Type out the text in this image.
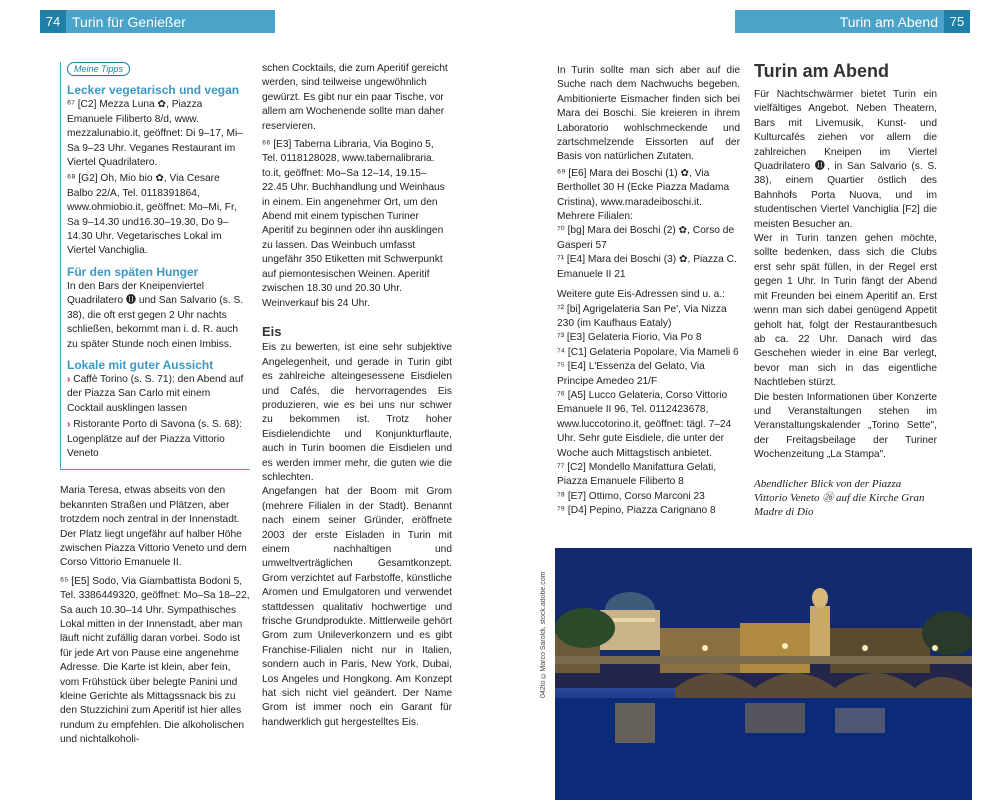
74 Turin für Genießer
Meine Tipps
Lecker vegetarisch und vegan

⁶⁷ [C2] Mezza Luna ✿, Piazza Emanuele Filiberto 8/d, www. mezzalunabio.it, geöffnet: Di 9–17, Mi–Sa 9–23 Uhr. Veganes Restaurant im Viertel Quadrilatero.

⁶⁸ [G2] Oh, Mio bio ✿, Via Cesare Balbo 22/A, Tel. 0118391864, www.ohmiobio.it, geöffnet: Mo–Mi, Fr, Sa 9–14.30 und16.30–19.30, Do 9–14.30 Uhr. Vegetarisches Lokal im Viertel Vanchiglia.

Für den späten Hunger

In den Bars der Kneipenviertel Quadrilatero ⓫ und San Salvario (s. S. 38), die oft erst gegen 2 Uhr nachts schließen, bekommt man i. d. R. auch zu später Stunde noch einen Imbiss.

Lokale mit guter Aussicht

› Caffè Torino (s. S. 71): den Abend auf der Piazza San Carlo mit einem Cocktail ausklingen lassen

› Ristorante Porto di Savona (s. S. 68): Logenplätze auf der Piazza Vittorio Veneto

Maria Teresa, etwas abseits von den bekannten Straßen und Plätzen, aber trotzdem noch zentral in der Innenstadt. Der Platz liegt ungefähr auf halber Höhe zwischen Piazza Vittorio Veneto und dem Corso Vittorio Emanuele II.

⁶⁵ [E5] Sodo, Via Giambattista Bodoni 5, Tel. 3386449320, geöffnet: Mo–Sa 18–22, Sa auch 10.30–14 Uhr. Sympathisches Lokal mitten in der Innenstadt, aber man läuft nicht zufällig daran vorbei. Sodo ist für jede Art von Pause eine angenehme Adresse. Die Karte ist klein, aber fein, vom Frühstück über belegte Panini und kleine Gerichte als Mittagssnack bis zu den Stuzzichini zum Aperitif ist hier alles rundum zu empfehlen. Die alkoholischen und nichtalkoholi-

schen Cocktails, die zum Aperitif gereicht werden, sind teilweise ungewöhnlich gewürzt. Es gibt nur ein paar Tische, vor allem am Wochenende sollte man daher reservieren.

⁶⁶ [E3] Taberna Libraria, Via Bogino 5, Tel. 0118128028, www.tabernalibraria. to.it, geöffnet: Mo–Sa 12–14, 19.15–22.45 Uhr. Buchhandlung und Weinhaus in einem. Ein angenehmer Ort, um den Abend mit einem typischen Turiner Aperitif zu beginnen oder ihn ausklingen zu lassen. Das Weinbuch umfasst ungefähr 350 Etiketten mit Schwerpunkt auf piemontesischen Weinen. Aperitif zwischen 18.30 und 20.30 Uhr. Weinverkauf bis 24 Uhr.

Eis

Eis zu bewerten, ist eine sehr subjektive Angelegenheit, und gerade in Turin gibt es zahlreiche alteingesessene Eisdielen und Cafés, die hervorragendes Eis produzieren, wie es bei uns nur schwer zu bekommen ist. Trotz hoher Eisdielendichte und Konjunkturflaute, auch in Turin boomen die Eisdielen und es werden immer mehr, die guten wie die schlechten.

Angefangen hat der Boom mit Grom (mehrere Filialen in der Stadt). Benannt nach einem seiner Gründer, eröffnete 2003 der erste Eisladen in Turin mit einem nachhaltigen und umweltverträglichen Gesamtkonzept. Grom verzichtet auf Farbstoffe, künstliche Aromen und Emulgatoren und verwendet stattdessen qualitativ hochwertige und frische Grundprodukte. Mittlerweile gehört Grom zum Unileverkonzern und es gibt Franchise-Filialen nicht nur in Italien, sondern auch in Paris, New York, Dubai, Los Angeles und Hongkong. Am Konzept hat sich nicht viel geändert. Der Name Grom ist immer noch ein Garant für handwerklich gut hergestelltes Eis.

Turin am Abend 75

In Turin sollte man sich aber auf die Suche nach dem Nachwuchs begeben. Ambitionierte Eismacher finden sich bei Mara dei Boschi. Sie kreieren in ihrem Laboratorio wohlschmeckende und zartschmelzende Eissorten auf der Basis von natürlichen Zutaten.

⁶⁹ [E6] Mara dei Boschi (1) ✿, Via Berthollet 30 H (Ecke Piazza Madama Cristina), www.maradeiboschi.it. Mehrere Filialen:

⁷⁰ [bg] Mara dei Boschi (2) ✿, Corso de Gasperi 57

⁷¹ [E4] Mara dei Boschi (3) ✿, Piazza C. Emanuele II 21

Weitere gute Eis-Adressen sind u. a.:

⁷² [bi] Agrigelateria San Pe', Via Nizza 230 (im Kaufhaus Eataly)

⁷³ [E3] Gelateria Fiorio, Via Po 8

⁷⁴ [C1] Gelateria Popolare, Via Mameli 6

⁷⁵ [E4] L'Essenza del Gelato, Via Principe Amedeo 21/F

⁷⁶ [A5] Lucco Gelateria, Corso Vittorio Emanuele II 96, Tel. 0112423678, www.luccotorino.it, geöffnet: tägl. 7–24 Uhr. Sehr gute Eisdiele, die unter der Woche auch Mittagstisch anbietet.

⁷⁷ [C2] Mondello Manifattura Gelati, Piazza Emanuele Filiberto 8

⁷⁸ [E7] Ottimo, Corso Marconi 23

⁷⁹ [D4] Pepino, Piazza Carignano 8

Turin am Abend

Für Nachtschwärmer bietet Turin ein vielfältiges Angebot. Neben Theatern, Bars mit Livemusik, Kunst- und Kulturcafés ziehen vor allem die zahlreichen Kneipen im Viertel Quadrilatero ⓫, in San Salvario (s. S. 38), einem Quartier östlich des Bahnhofs Porta Nuova, und im studentischen Viertel Vanchiglia [F2] die meisten Besucher an.

Wer in Turin tanzen gehen möchte, sollte bedenken, dass sich die Clubs erst sehr spät füllen, in der Regel erst gegen 1 Uhr. In Turin fängt der Abend mit Freunden bei einem Aperitif an. Erst wenn man sich dabei genügend Appetit geholt hat, folgt der Restaurantbesuch ab ca. 22 Uhr. Danach wird das Geschehen wieder in eine Bar verlegt, bevor man sich in das eigentliche Nachtleben stürzt.

Die besten Informationen über Konzerte und Veranstaltungen stehen im Veranstaltungskalender „Torino Sette", der Freitagsbeilage der Turiner Wochenzeitung „La Stampa".

Abendlicher Blick von der Piazza Vittorio Veneto ㉖ auf die Kirche Gran Madre di Dio

042to ©Marco Saroldi, stock.adobe.com
